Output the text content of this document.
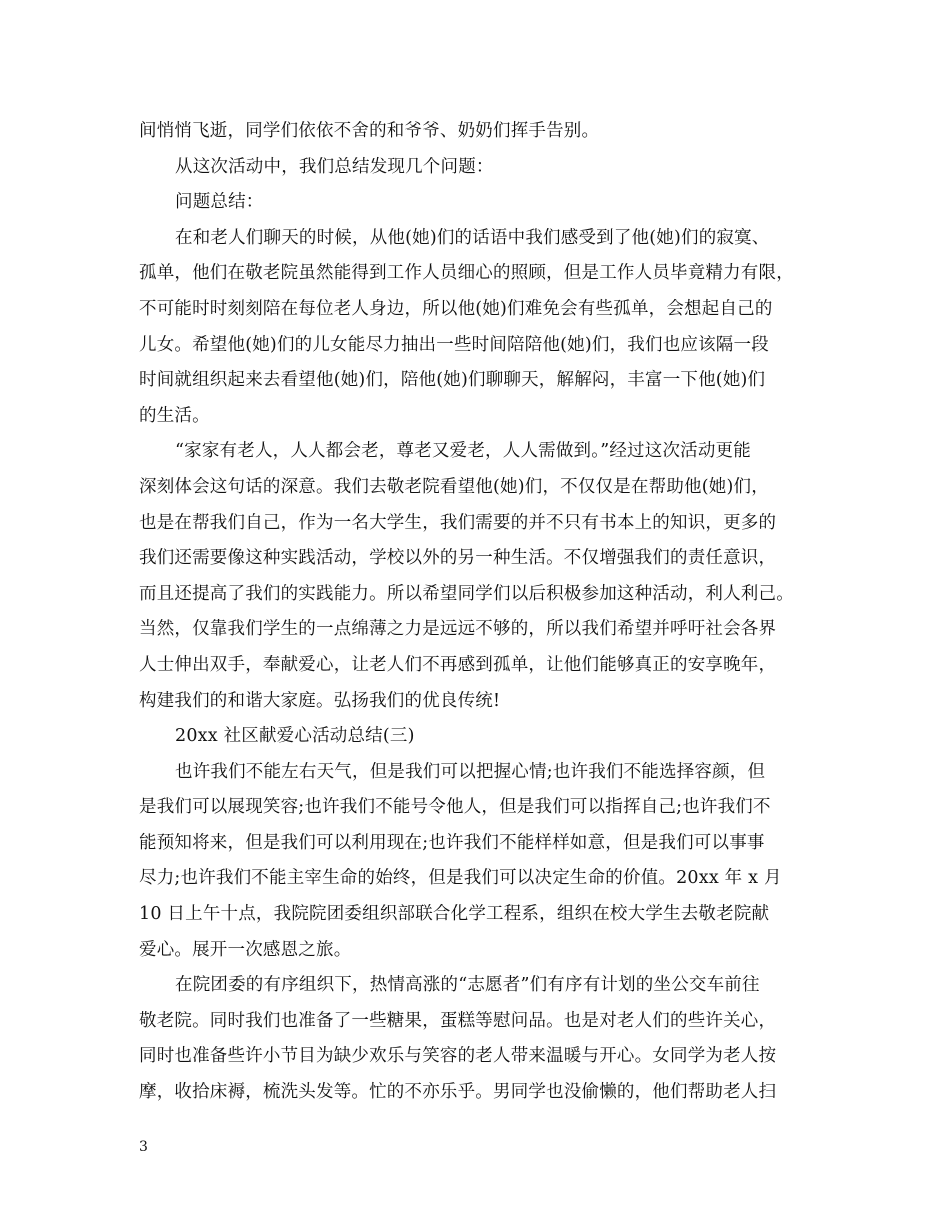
间悄悄飞逝，同学们依依不舍的和爷爷、奶奶们挥手告别。
从这次活动中，我们总结发现几个问题：
问题总结：
在和老人们聊天的时候，从他(她)们的话语中我们感受到了他(她)们的寂寞、
孤单，他们在敬老院虽然能得到工作人员细心的照顾，但是工作人员毕竟精力有限，
不可能时时刻刻陪在每位老人身边，所以他(她)们难免会有些孤单，会想起自己的
儿女。希望他(她)们的儿女能尽力抽出一些时间陪陪他(她)们，我们也应该隔一段
时间就组织起来去看望他(她)们，陪他(她)们聊聊天，解解闷，丰富一下他(她)们
的生活。
“家家有老人，人人都会老，尊老又爱老，人人需做到。”经过这次活动更能
深刻体会这句话的深意。我们去敬老院看望他(她)们，不仅仅是在帮助他(她)们，
也是在帮我们自己，作为一名大学生，我们需要的并不只有书本上的知识，更多的
我们还需要像这种实践活动，学校以外的另一种生活。不仅增强我们的责任意识，
而且还提高了我们的实践能力。所以希望同学们以后积极参加这种活动，利人利己。
当然，仅靠我们学生的一点绵薄之力是远远不够的，所以我们希望并呼吁社会各界
人士伸出双手，奉献爱心，让老人们不再感到孤单，让他们能够真正的安享晚年，
构建我们的和谐大家庭。弘扬我们的优良传统!
20xx 社区献爱心活动总结(三)
也许我们不能左右天气，但是我们可以把握心情;也许我们不能选择容颜，但
是我们可以展现笑容;也许我们不能号令他人，但是我们可以指挥自己;也许我们不
能预知将来，但是我们可以利用现在;也许我们不能样样如意，但是我们可以事事
尽力;也许我们不能主宰生命的始终，但是我们可以决定生命的价值。20xx 年 x 月
10 日上午十点，我院院团委组织部联合化学工程系，组织在校大学生去敬老院献
爱心。展开一次感恩之旅。
在院团委的有序组织下，热情高涨的“志愿者”们有序有计划的坐公交车前往
敬老院。同时我们也准备了一些糖果，蛋糕等慰问品。也是对老人们的些许关心，
同时也准备些许小节目为缺少欢乐与笑容的老人带来温暖与开心。女同学为老人按
摩，收拾床褥，梳洗头发等。忙的不亦乐乎。男同学也没偷懒的，他们帮助老人扫
3
